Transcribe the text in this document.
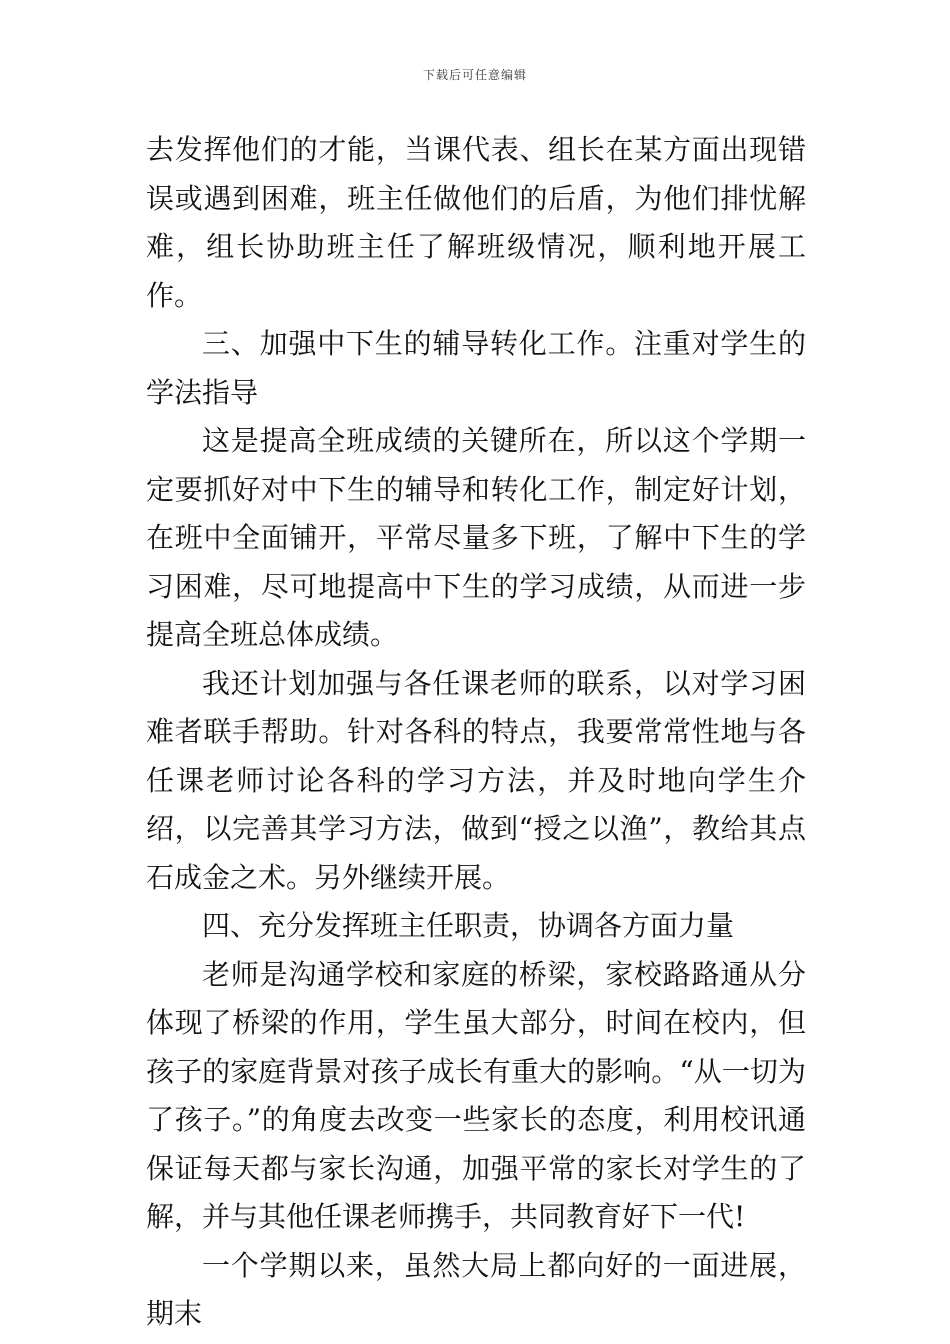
下载后可任意编辑

去发挥他们的才能，当课代表、组长在某方面出现错误或遇到困难，班主任做他们的后盾，为他们排忧解难，组长协助班主任了解班级情况，顺利地开展工作。

三、加强中下生的辅导转化工作。注重对学生的学法指导

这是提高全班成绩的关键所在，所以这个学期一定要抓好对中下生的辅导和转化工作，制定好计划，在班中全面铺开，平常尽量多下班，了解中下生的学习困难，尽可地提高中下生的学习成绩，从而进一步提高全班总体成绩。

我还计划加强与各任课老师的联系，以对学习困难者联手帮助。针对各科的特点，我要常常性地与各任课老师讨论各科的学习方法，并及时地向学生介绍，以完善其学习方法，做到“授之以渔”，教给其点石成金之术。另外继续开展。

四、充分发挥班主任职责，协调各方面力量

老师是沟通学校和家庭的桥梁，家校路路通从分体现了桥梁的作用，学生虽大部分，时间在校内，但孩子的家庭背景对孩子成长有重大的影响。“从一切为了孩子。”的角度去改变一些家长的态度，利用校讯通保证每天都与家长沟通，加强平常的家长对学生的了解，并与其他任课老师携手，共同教育好下一代!

一个学期以来，虽然大局上都向好的一面进展，期末
